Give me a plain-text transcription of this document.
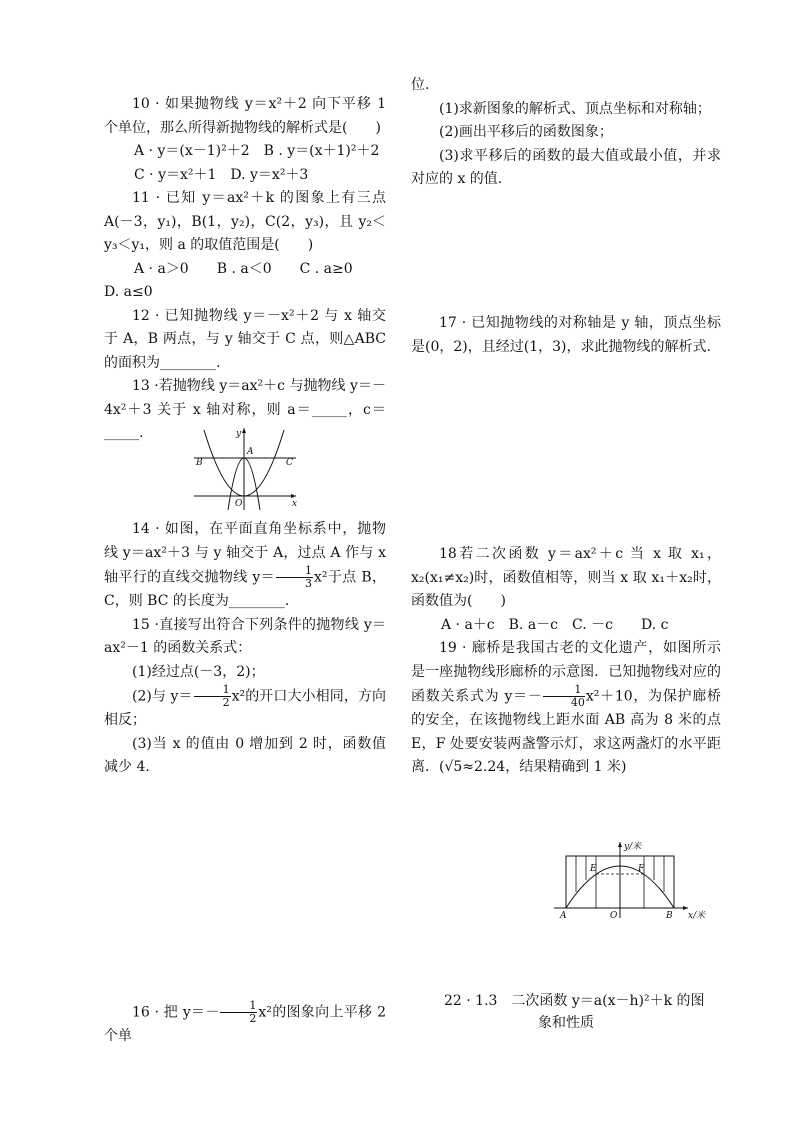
10 · 如果抛物线 y＝x²＋2 向下平移 1 个单位，那么所得新抛物线的解析式是(　　)

A · y＝(x－1)²＋2　B . y＝(x＋1)²＋2

C · y＝x²＋1　D. y＝x²＋3

11 · 已知 y＝ax²＋k 的图象上有三点 A(－3，y₁)，B(1，y₂)，C(2，y₃)，且 y₂＜y₃＜y₁，则 a 的取值范围是(　　)

A · a＞0　　B . a＜0　　C . a≥0

D. a≤0

12 · 已知抛物线 y＝－x²＋2 与 x 轴交于 A，B 两点，与 y 轴交于 C 点，则△ABC 的面积为________.

13 ·若抛物线 y＝ax²＋c 与抛物线 y＝－4x²＋3 关于 x 轴对称，则 a＝_____，c＝_____.	y
A
B	C
O	x

14 · 如图，在平面直角坐标系中，抛物线 y＝ax²＋3 与 y 轴交于 A，过点 A 作与 x 轴平行的直线交抛物线 $y= \frac{1}{3} x^2$于点 B，C，则 BC 的长度为________.

15 ·直接写出符合下列条件的抛物线 y＝ax²－1 的函数关系式：

(1)经过点(－3，2)；

(2)与 $y= \frac{1}{2} x^2$的开口大小相同，方向相反；

(3)当 x 的值由 0 增加到 2 时，函数值减少 4.

16 · 把 $y=- \frac{1}{2} x^2$的图象向上平移 2 个单

位.

(1)求新图象的解析式、顶点坐标和对称轴；

(2)画出平移后的函数图象；

(3)求平移后的函数的最大值或最小值，并求对应的 x 的值.

17 · 已知抛物线的对称轴是 y 轴，顶点坐标是(0，2)，且经过(1，3)，求此抛物线的解析式.

18若二次函数 y＝ax²＋c 当 x 取 x₁，x₂(x₁≠x₂)时，函数值相等，则当 x 取 x₁＋x₂时，函数值为(　　)

A · a＋c　B. a－c　C. －c　　D. c

19 · 廊桥是我国古老的文化遗产，如图所示是一座抛物线形廊桥的示意图．已知抛物线对应的函数关系式为 $y=- \frac{1}{40} x^2+10$，为保护廊桥的安全，在该抛物线上距水面 AB 高为 8 米的点 E，F 处要安装两盏警示灯，求这两盏灯的水平距离．(√5≈2.24，结果精确到 1 米)

y/米
E	F
A	O	B x/米
22 · 1.3　二次函数 y＝a(x－h)²＋k 的图
象和性质
